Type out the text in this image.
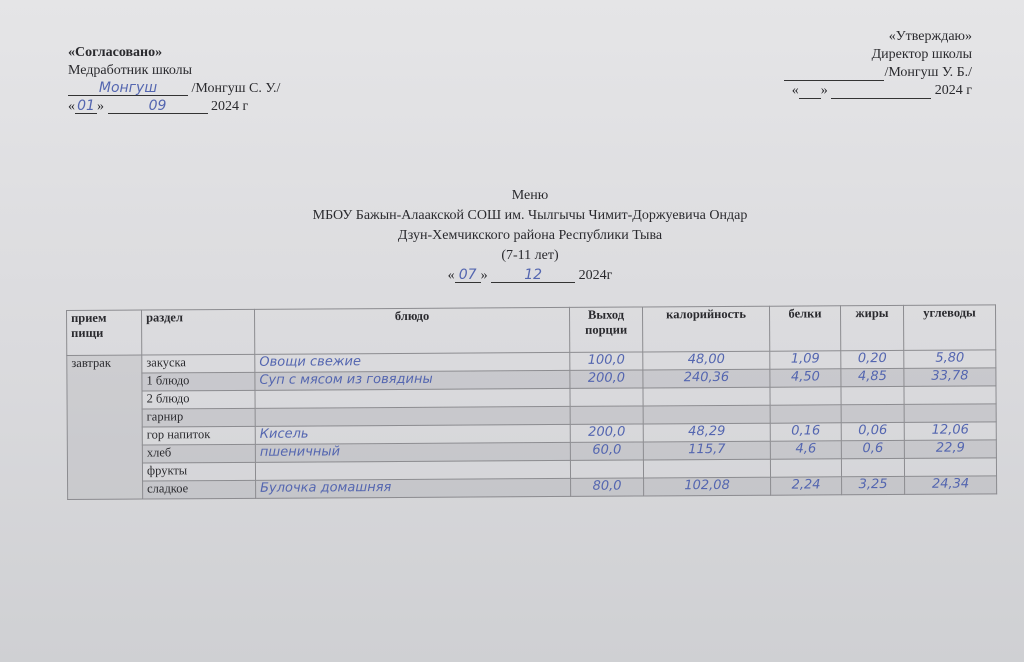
«Согласовано»
Медработник школы
Монгуш /Монгуш С. У./
« 01 »	09	2024 г
«Утверждаю»
Директор школы
/Монгуш У. Б./
« »	2024 г
Меню
МБОУ Бажын-Алаакской СОШ им. Чылгычы Чимит-Доржуевича Ондар
Дзун-Хемчикского района Республики Тыва
(7-11 лет)
« 07 »	12	2024г
прием пищи	раздел	блюдо	Выход порции	калорийность	белки	жиры	углеводы
завтрак	закуска	Овощи свежие	100,0	48,00	1,09	0,20	5,80
	1 блюдо	Суп с мясом из говядины	200,0	240,36	4,50	4,85	33,78
	2 блюдо						
	гарнир						
	гор напиток	Кисель	200,0	48,29	0,16	0,06	12,06
	хлеб	пшеничный	60,0	115,7	4,6	0,6	22,9
	фрукты						
	сладкое	Булочка домашняя	80,0	102,08	2,24	3,25	24,34
